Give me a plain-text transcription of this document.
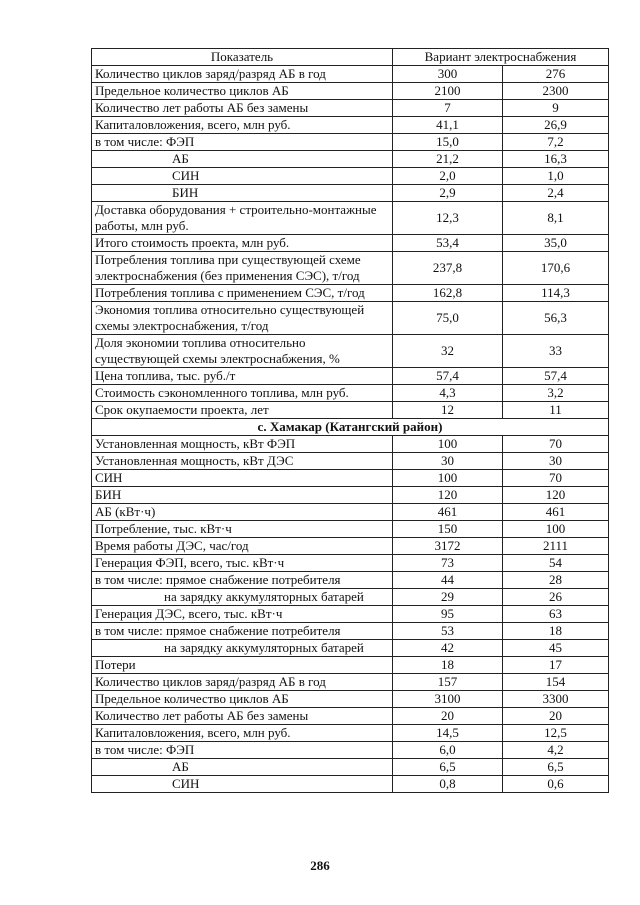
Показатель	Вариант электроснабжения	
Количество циклов заряд/разряд АБ в год	300	276
Предельное количество циклов АБ	2100	2300
Количество лет работы АБ без замены	7	9
Капиталовложения, всего, млн руб.	41,1	26,9
в том числе: ФЭП	15,0	7,2
АБ	21,2	16,3
СИН	2,0	1,0
БИН	2,9	2,4
Доставка оборудования + строительно-монтажные работы, млн руб.	12,3	8,1
Итого стоимость проекта, млн руб.	53,4	35,0
Потребления топлива при существующей схеме электроснабжения (без применения СЭС), т/год	237,8	170,6
Потребления топлива с применением СЭС, т/год	162,8	114,3
Экономия топлива относительно существующей схемы электроснабжения, т/год	75,0	56,3
Доля экономии топлива относительно существующей схемы электроснабжения, %	32	33
Цена топлива, тыс. руб./т	57,4	57,4
Стоимость сэкономленного топлива, млн руб.	4,3	3,2
Срок окупаемости проекта, лет	12	11
с. Хамакар (Катангский район)		
Установленная мощность, кВт ФЭП	100	70
Установленная мощность, кВт ДЭС	30	30
СИН	100	70
БИН	120	120
АБ (кВт·ч)	461	461
Потребление, тыс. кВт·ч	150	100
Время работы ДЭС, час/год	3172	2111
Генерация ФЭП, всего, тыс. кВт·ч	73	54
в том числе: прямое снабжение потребителя	44	28
на зарядку аккумуляторных батарей	29	26
Генерация ДЭС, всего, тыс. кВт·ч	95	63
в том числе: прямое снабжение потребителя	53	18
на зарядку аккумуляторных батарей	42	45
Потери	18	17
Количество циклов заряд/разряд АБ в год	157	154
Предельное количество циклов АБ	3100	3300
Количество лет работы АБ без замены	20	20
Капиталовложения, всего, млн руб.	14,5	12,5
в том числе: ФЭП	6,0	4,2
АБ	6,5	6,5
СИН	0,8	0,6
286
